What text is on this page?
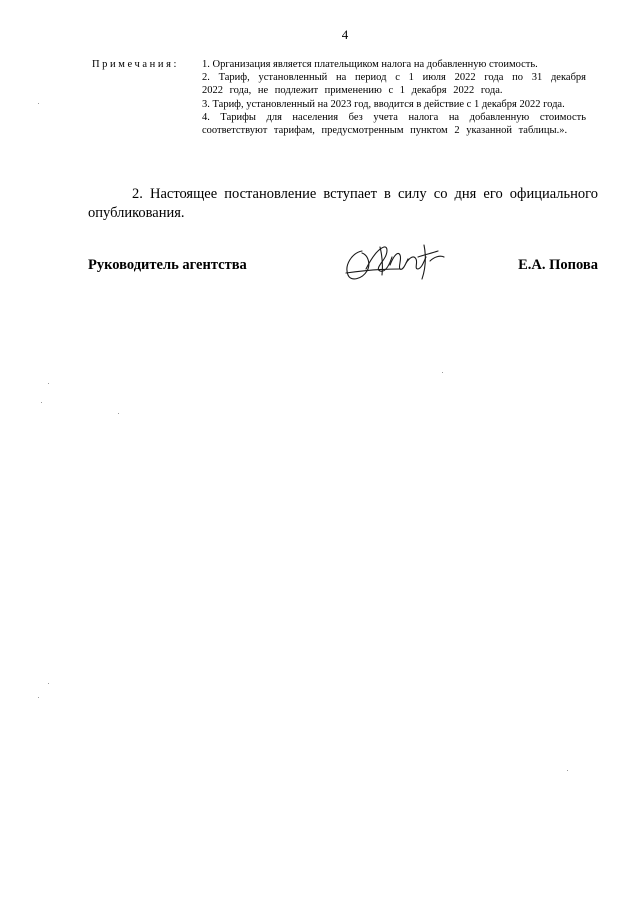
4
Примечания: 1. Организация является плательщиком налога на добавленную стоимость.

2. Тариф, установленный на период с 1 июля 2022 года по 31 декабря 2022 года, не подлежит применению с 1 декабря 2022 года.

3. Тариф, установленный на 2023 год, вводится в действие с 1 декабря 2022 года.

4. Тарифы для населения без учета налога на добавленную стоимость соответствуют тарифам, предусмотренным пунктом 2 указанной таблицы.».

2. Настоящее постановление вступает в силу со дня его официального опубликования.

Руководитель агентства	Е.А. Попова
